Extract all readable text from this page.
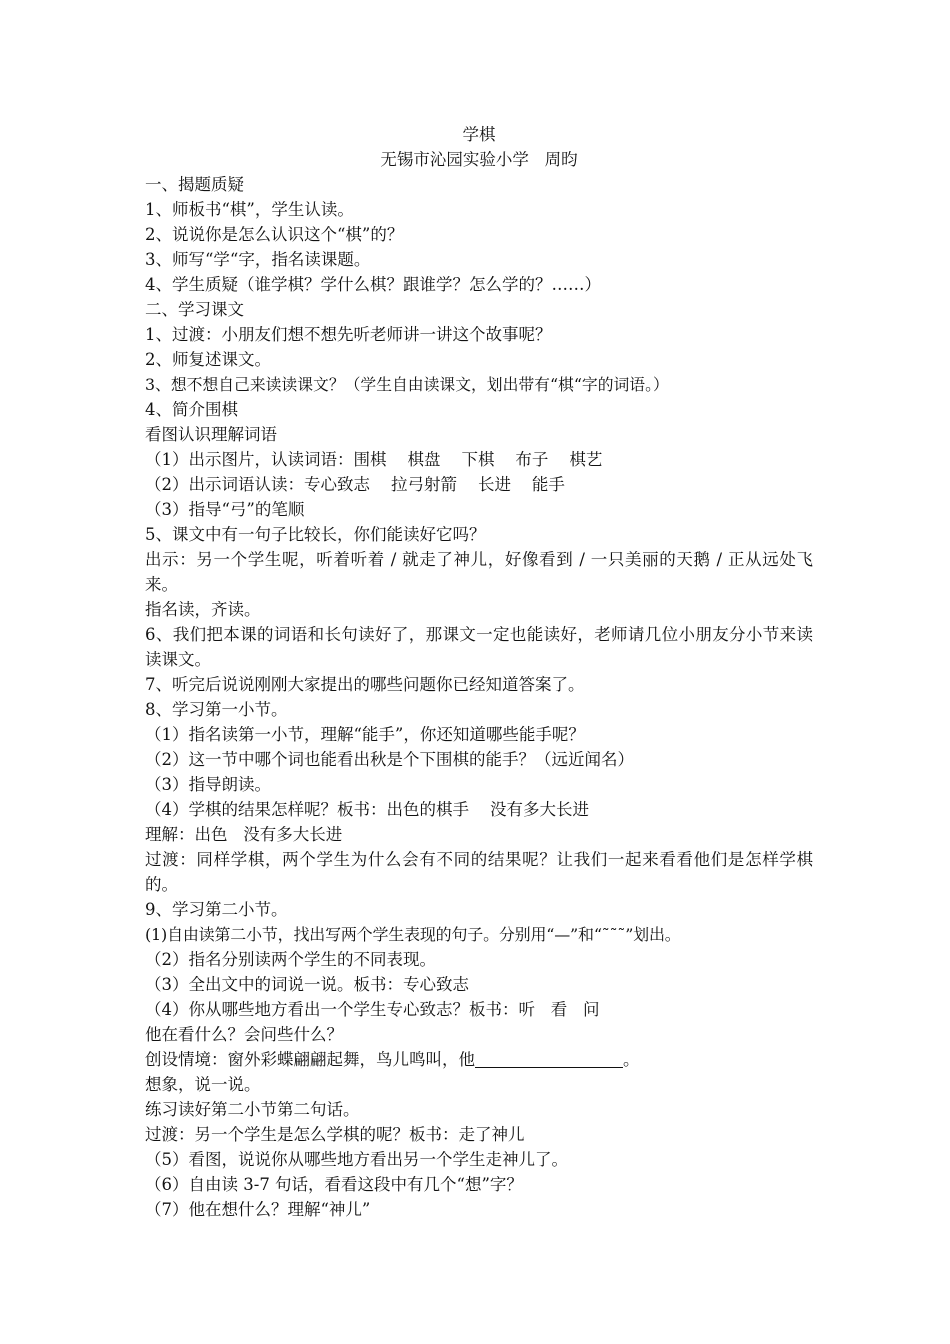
学棋
无锡市沁园实验小学   周昀
一、揭题质疑
1、师板书“棋”，学生认读。
2、说说你是怎么认识这个“棋”的？
3、师写“学“字，指名读课题。
4、学生质疑（谁学棋？学什么棋？跟谁学？怎么学的？……）
二、学习课文
1、过渡：小朋友们想不想先听老师讲一讲这个故事呢？
2、师复述课文。
3、想不想自己来读读课文？（学生自由读课文，划出带有“棋“字的词语。）
4、简介围棋
看图认识理解词语
（1）出示图片，认读词语：围棋    棋盘    下棋    布子    棋艺
（2）出示词语认读：专心致志    拉弓射箭    长进    能手
（3）指导“弓”的笔顺
5、课文中有一句子比较长，你们能读好它吗？
出示：另一个学生呢，听着听着 / 就走了神儿，好像看到 / 一只美丽的天鹅 / 正从远处飞来。
指名读，齐读。
6、我们把本课的词语和长句读好了，那课文一定也能读好，老师请几位小朋友分小节来读读课文。
7、听完后说说刚刚大家提出的哪些问题你已经知道答案了。
8、学习第一小节。
（1）指名读第一小节，理解“能手”，你还知道哪些能手呢？
（2）这一节中哪个词也能看出秋是个下围棋的能手？（远近闻名）
（3）指导朗读。
（4）学棋的结果怎样呢？板书：出色的棋手    没有多大长进
理解：出色   没有多大长进
过渡：同样学棋，两个学生为什么会有不同的结果呢？让我们一起来看看他们是怎样学棋的。
9、学习第二小节。
(1)自由读第二小节，找出写两个学生表现的句子。分别用“—”和“˜˜˜”划出。
（2）指名分别读两个学生的不同表现。
（3）全出文中的词说一说。板书：专心致志
（4）你从哪些地方看出一个学生专心致志？板书：听   看   问
他在看什么？会问些什么？
创设情境：窗外彩蝶翩翩起舞，鸟儿鸣叫，他	。
想象，说一说。
练习读好第二小节第二句话。
过渡：另一个学生是怎么学棋的呢？板书：走了神儿
（5）看图，说说你从哪些地方看出另一个学生走神儿了。
（6）自由读 3-7 句话，看看这段中有几个“想”字？
（7）他在想什么？理解“神儿”
